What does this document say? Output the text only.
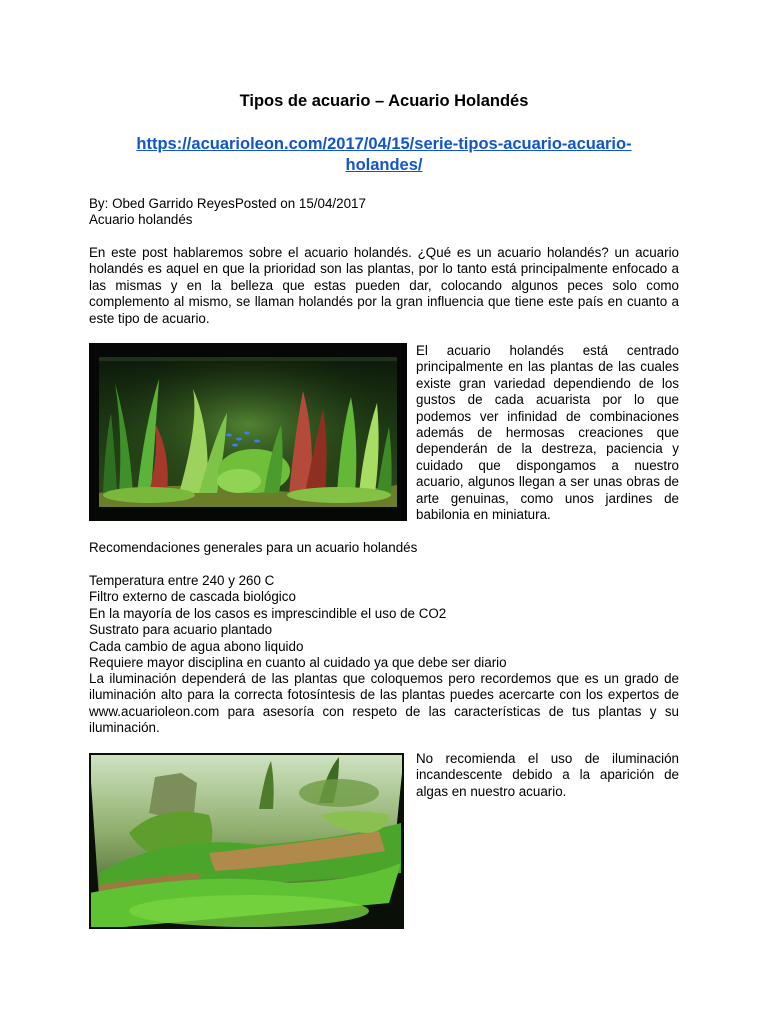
Tipos de acuario – Acuario Holandés
https://acuarioleon.com/2017/04/15/serie-tipos-acuario-acuario-holandes/

By: Obed Garrido ReyesPosted on 15/04/2017
Acuario holandés

En este post hablaremos sobre el acuario holandés. ¿Qué es un acuario holandés? un acuario holandés es aquel en que la prioridad son las plantas, por lo tanto está principalmente enfocado a las mismas y en la belleza que estas pueden dar, colocando algunos peces solo como complemento al mismo, se llaman holandés por la gran influencia que tiene este país en cuanto a este tipo de acuario.

El acuario holandés está centrado principalmente en las plantas de las cuales existe gran variedad dependiendo de los gustos de cada acuarista por lo que podemos ver infinidad de combinaciones además de hermosas creaciones que dependerán de la destreza, paciencia y cuidado que dispongamos a nuestro acuario, algunos llegan a ser unas obras de arte genuinas, como unos jardines de babilonia en miniatura.

Recomendaciones generales para un acuario holandés

Temperatura entre 240 y 260 C
Filtro externo de cascada biológico
En la mayoría de los casos es imprescindible el uso de CO2
Sustrato para acuario plantado
Cada cambio de agua abono liquido
Requiere mayor disciplina en cuanto al cuidado ya que debe ser diario

La iluminación dependerá de las plantas que coloquemos pero recordemos que es un grado de iluminación alto para la correcta fotosíntesis de las plantas puedes acercarte con los expertos de www.acuarioleon.com para asesoría con respeto de las características de tus plantas y su iluminación.

No recomienda el uso de iluminación incandescente debido a la aparición de algas en nuestro acuario.
